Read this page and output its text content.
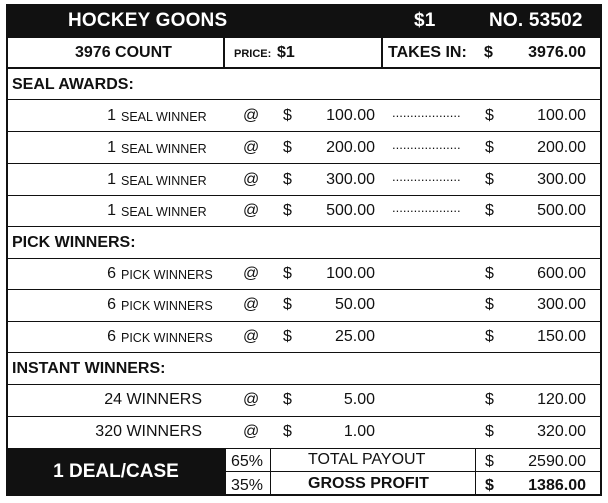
HOCKEY GOONS	$1	NO. 53502
3976 COUNT	PRICE: $1	TAKES IN: $	3976.00
SEAL AWARDS:
1 SEAL WINNER @ $	100.00 ................... $	100.00
1 SEAL WINNER @ $	200.00 ................... $	200.00
1 SEAL WINNER @ $	300.00 ................... $	300.00
1 SEAL WINNER @ $	500.00 ................... $	500.00
PICK WINNERS:
6 PICK WINNERS @ $	100.00	$	600.00
6 PICK WINNERS @ $	50.00	$	300.00
6 PICK WINNERS @ $	25.00	$	150.00
INSTANT WINNERS:
24 WINNERS	@ $	5.00	$	120.00
320 WINNERS	@ $	1.00	$	320.00
1 DEAL/CASE	65%	TOTAL PAYOUT	$	2590.00
35%	GROSS PROFIT	$	1386.00
